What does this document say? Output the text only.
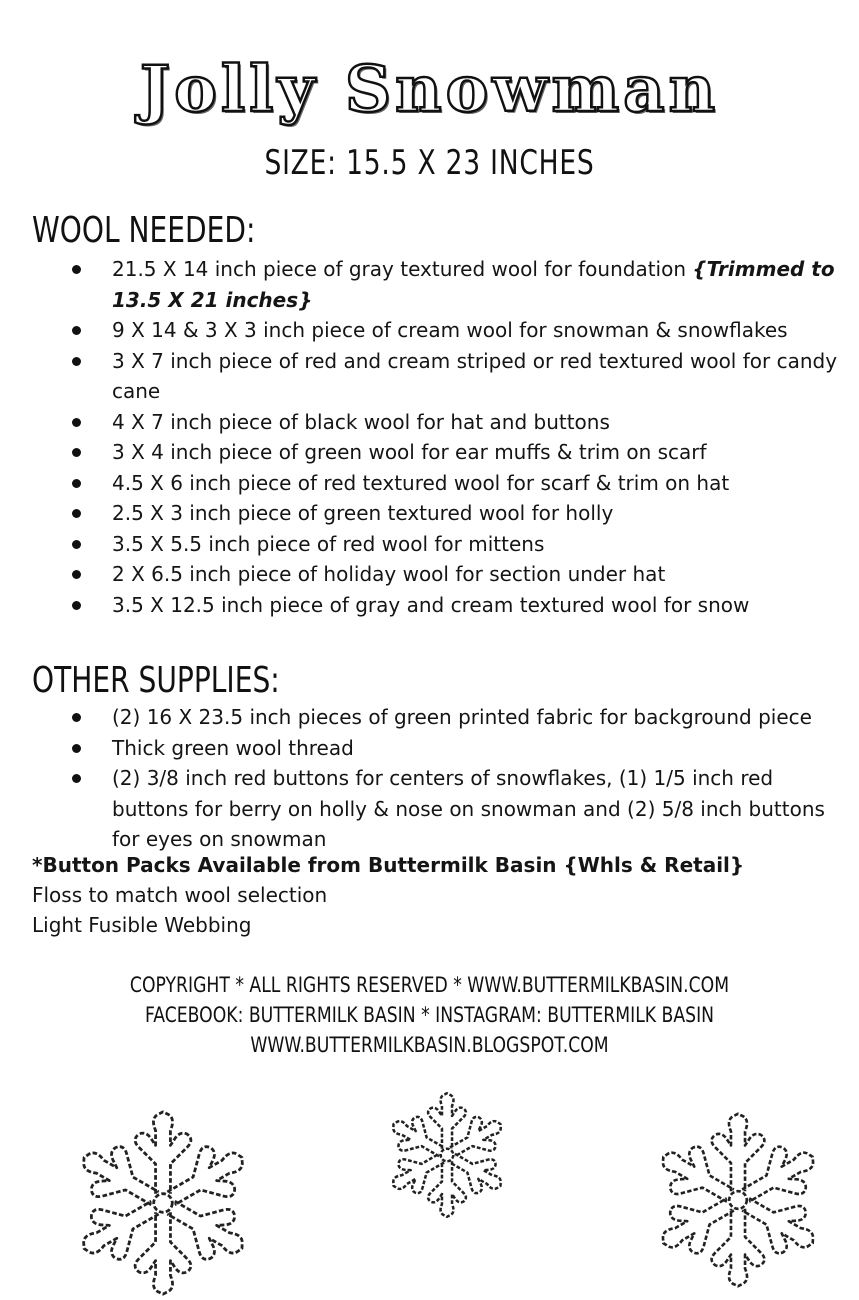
Jolly Snowman
SIZE: 15.5 X 23 INCHES
WOOL NEEDED:
21.5 X 14 inch piece of gray textured wool for foundation {Trimmed to 13.5 X 21 inches}
9 X 14 & 3 X 3 inch piece of cream wool for snowman & snowflakes
3 X 7 inch piece of red and cream striped or red textured wool for candy cane
4 X 7 inch piece of black wool for hat and buttons
3 X 4 inch piece of green wool for ear muffs & trim on scarf
4.5 X 6 inch piece of red textured wool for scarf & trim on hat
2.5 X 3 inch piece of green textured wool for holly
3.5 X 5.5 inch piece of red wool for mittens
2 X 6.5 inch piece of holiday wool for section under hat
3.5 X 12.5 inch piece of gray and cream textured wool for snow
OTHER SUPPLIES:
(2) 16 X 23.5 inch pieces of green printed fabric for background piece
Thick green wool thread
(2) 3/8 inch red buttons for centers of snowflakes, (1) 1/5 inch red buttons for berry on holly & nose on snowman and (2) 5/8 inch buttons for eyes on snowman
*Button Packs Available from Buttermilk Basin {Whls & Retail}
Floss to match wool selection
Light Fusible Webbing
COPYRIGHT * ALL RIGHTS RESERVED * WWW.BUTTERMILKBASIN.COM
FACEBOOK: BUTTERMILK BASIN * INSTAGRAM: BUTTERMILK BASIN
WWW.BUTTERMILKBASIN.BLOGSPOT.COM
